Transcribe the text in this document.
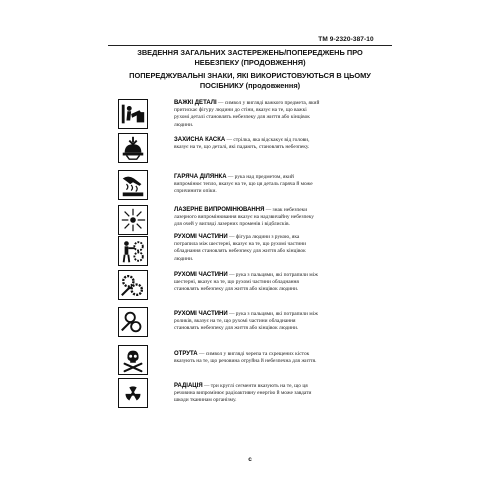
ТМ 9-2320-387-10
ЗВЕДЕННЯ ЗАГАЛЬНИХ ЗАСТЕРЕЖЕНЬ/ПОПЕРЕДЖЕНЬ ПРО
НЕБЕЗПЕКУ (ПРОДОВЖЕННЯ)
ПОПЕРЕДЖУВАЛЬНІ ЗНАКИ, ЯКІ ВИКОРИСТОВУЮТЬСЯ В ЦЬОМУ
ПОСІБНИКУ (продовження)
ВАЖКІ ДЕТАЛІ — символ у вигляді важкого предмета, який
притискає фігуру людини до стіни, вказує на те, що важкі
рухомі деталі становлять небезпеку для життя або кінцівок
людини.
ЗАХИСНА КАСКА — стрілка, яка відскакує від голови,
вказує на те, що деталі, які падають, становлять небезпеку.
ГАРЯЧА ДІЛЯНКА — рука над предметом, який
випромінює тепло, вказує на те, що ця деталь гаряча й може
спричинити опіки.
ЛАЗЕРНЕ ВИПРОМІНЮВАННЯ — знак небезпеки
лазерного випромінювання вказує на надзвичайну небезпеку
для очей у вигляді лазерних променів і відблисків.
РУХОМІ ЧАСТИНИ — фігура людини з рукою, яка
потрапила між шестерні, вказує на те, що рухомі частини
обладнання становлять небезпеку для життя або кінцівок
людини.
РУХОМІ ЧАСТИНИ — рука з пальцями, які потрапили між
шестерні, вказує на те, що рухомі частини обладнання
становлять небезпеку для життя або кінцівок людини.
РУХОМІ ЧАСТИНИ — рука з пальцями, які потрапили між
роликів, вказує на те, що рухомі частини обладнання
становлять небезпеку для життя або кінцівок людини.
ОТРУТА — символ у вигляді черепа та схрещених кісток
вказують на те, що речовина отруйна й небезпечна для життя.
РАДІАЦІЯ — три круглі сегменти вказують на те, що ця
речовина випромінює радіоактивну енергію й може завдати
шкоди тканинам організму.
c
